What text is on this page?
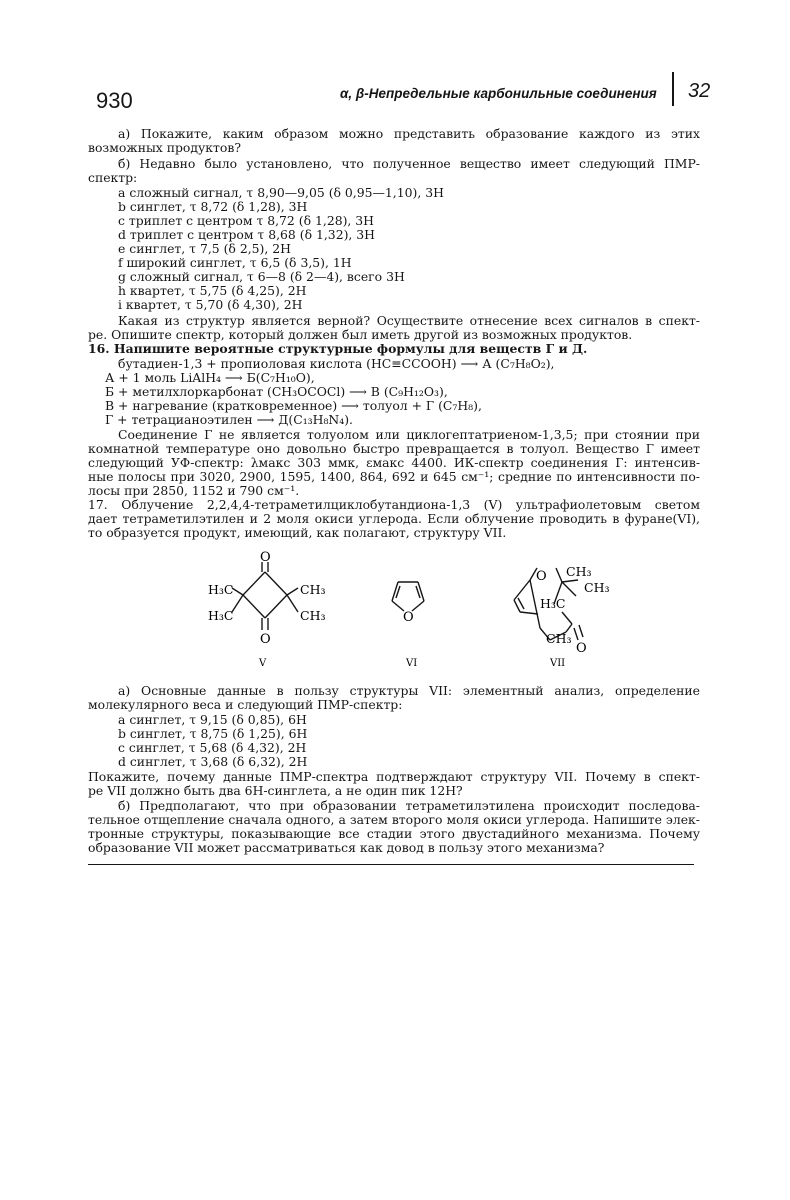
930	α, β-Непредельные карбонильные соединения 32
а) Покажите, каким образом можно представить образование каждого из этих
возможных продуктов?
б) Недавно было установлено, что полученное вещество имеет следующий ПМР-
спектр:
a сложный сигнал, τ 8,90—9,05 (δ 0,95—1,10), 3H
b синглет, τ 8,72 (δ 1,28), 3H
c триплет с центром τ 8,72 (δ 1,28), 3H
d триплет с центром τ 8,68 (δ 1,32), 3H
e синглет, τ 7,5 (δ 2,5), 2H
f широкий синглет, τ 6,5 (δ 3,5), 1H
g сложный сигнал, τ 6—8 (δ 2—4), всего 3H
h квартет, τ 5,75 (δ 4,25), 2H
i квартет, τ 5,70 (δ 4,30), 2H
Какая из структур является верной? Осуществите отнесение всех сигналов в спект-
ре. Опишите спектр, который должен был иметь другой из возможных продуктов.
16. Напишите вероятные структурные формулы для веществ Г и Д.
бутадиен-1,3 + пропиоловая кислота (HC≡CCOOH) ⟶ А (C₇H₈O₂),
А + 1 моль LiAlH₄ ⟶ Б(C₇H₁₀O),
Б + метилхлоркарбонат (CH₃OCOCl) ⟶ В (C₉H₁₂O₃),
В + нагревание (кратковременное) ⟶ толуол + Г (C₇H₈),
Г + тетрацианоэтилен ⟶ Д(C₁₃H₈N₄).
Соединение Г не является толуолом или циклогептатриеном-1,3,5; при стоянии при
комнатной температуре оно довольно быстро превращается в толуол. Вещество Г имеет
следующий УФ-спектр: λмакс 303 ммк, εмакс 4400. ИК-спектр соединения Г: интенсив-
ные полосы при 3020, 2900, 1595, 1400, 864, 692 и 645 см⁻¹; средние по интенсивности по-
лосы при 2850, 1152 и 790 см⁻¹.
17. Облучение 2,2,4,4-тетраметилциклобутандиона-1,3 (V) ультрафиолетовым светом
дает тетраметилэтилен и 2 моля окиси углерода. Если облучение проводить в фуране(VI),
то образуется продукт, имеющий, как полагают, структуру VII.
O
O
H₃C
H₃C
CH₃
CH₃
V
O
VI
O CH₃
CH₃
H₃C
CH₃
O
VII
а) Основные данные в пользу структуры VII: элементный анализ, определение
молекулярного веса и следующий ПМР-спектр:
a синглет, τ 9,15 (δ 0,85), 6H
b синглет, τ 8,75 (δ 1,25), 6H
c синглет, τ 5,68 (δ 4,32), 2H
d синглет, τ 3,68 (δ 6,32), 2H
Покажите, почему данные ПМР-спектра подтверждают структуру VII. Почему в спект-
ре VII должно быть два 6H-синглета, а не один пик 12H?
б) Предполагают, что при образовании тетраметилэтилена происходит последова-
тельное отщепление сначала одного, а затем второго моля окиси углерода. Напишите элек-
тронные структуры, показывающие все стадии этого двустадийного механизма. Почему
образование VII может рассматриваться как довод в пользу этого механизма?
